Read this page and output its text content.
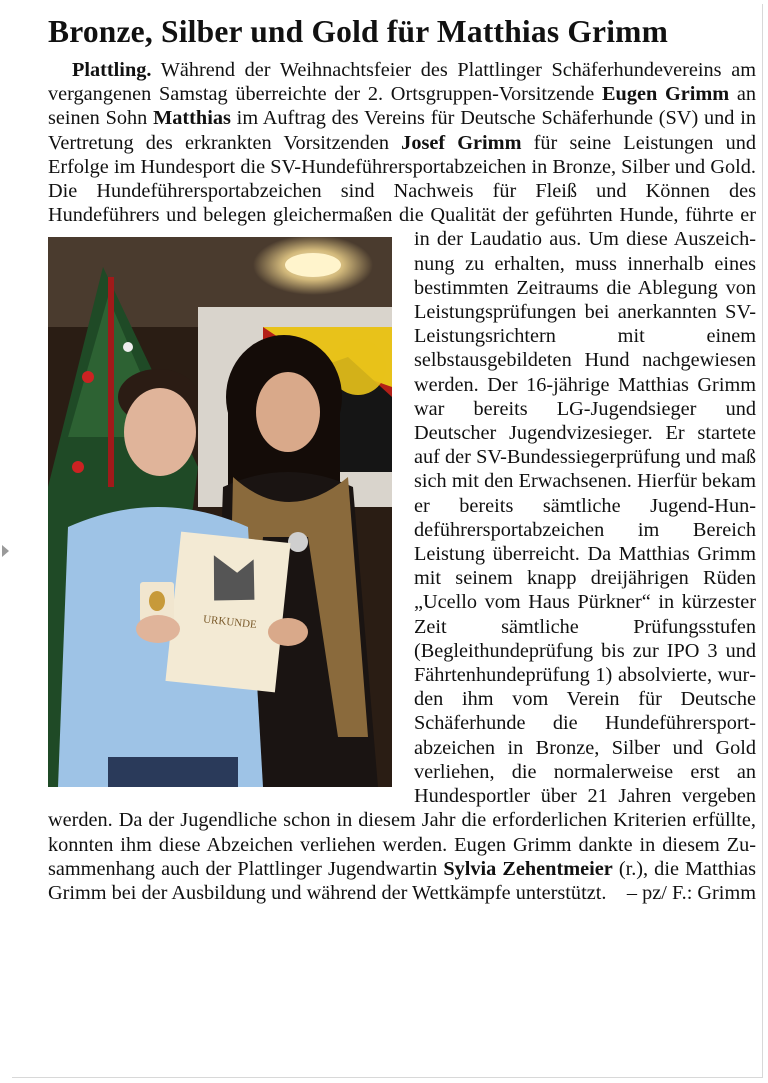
Bronze, Silber und Gold für Matthias Grimm
URKUNDE
Plattling. Während der Weihnachtsfeier des Plattlinger Schäferhundevereins am vergangenen Samstag überreichte der 2. Ortsgruppen-Vorsitzende Eugen Grimm an seinen Sohn Matthias im Auftrag des Vereins für Deutsche Schäferhunde (SV) und in Vertretung des erkrankten Vorsitzenden Josef Grimm für seine Leistungen und Erfolge im Hundesport die SV-Hundeführersportabzeichen in Bronze, Silber und Gold. Die Hundeführersportabzeichen sind Nachweis für Fleiß und Können des Hundeführers und belegen gleichermaßen die Qualität der geführten Hunde, führte er in der Laudatio aus. Um diese Auszeichnung zu erhalten, muss innerhalb eines bestimmten Zeitraums die Ablegung von Leistungsprüfungen bei anerkannten SV-Leistungsrichtern mit einem selbstausgebildeten Hund nachgewiesen werden. Der 16-jährige Matthias Grimm war bereits LG-Jugendsieger und Deutscher Jugendvizesieger. Er startete auf der SV-Bundessiegerprüfung und maß sich mit den Erwachsenen. Hierfür bekam er bereits sämtliche Jugend-Hundeführersportabzeichen im Bereich Leistung überreicht. Da Matthias Grimm mit seinem knapp dreijährigen Rüden „Ucello vom Haus Pürkner“ in kürzester Zeit sämtliche Prüfungsstufen (Begleithundeprüfung bis zur IPO 3 und Fährtenhundeprüfung 1) absolvierte, wurden ihm vom Verein für Deutsche Schäferhunde die Hundeführersportabzeichen in Bronze, Silber und Gold verliehen, die normalerweise erst an Hundesportler über 21 Jahren vergeben werden. Da der Jugendliche schon in diesem Jahr die erforderlichen Kriterien erfüllte, konnten ihm diese Abzeichen verliehen werden. Eugen Grimm dankte in diesem Zusammenhang auch der Plattlinger Jugendwartin Sylvia Zehentmeier (r.), die Matthias Grimm bei der Ausbildung und während der Wettkämpfe unterstützt. – pz/ F.: Grimm
